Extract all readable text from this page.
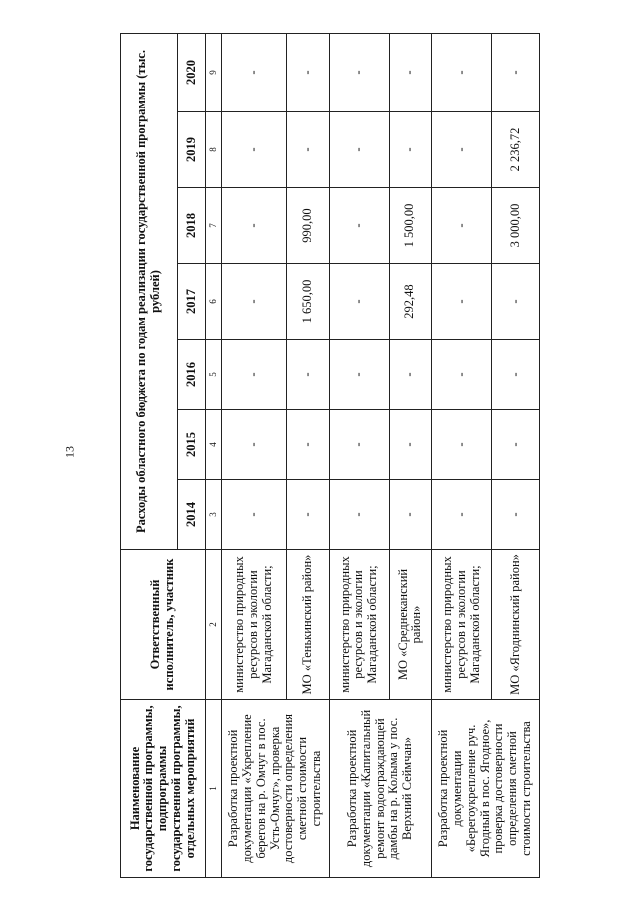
13
Наименование государственной программы, подпрограммы государственной программы, отдельных мероприятий	Ответственный исполнитель, участник	Расходы областного бюджета по годам реализации государственной программы (тыс. рублей)						
		2014	2015	2016	2017	2018	2019	2020
1	2	3	4	5	6	7	8	9
Разработка проектной документации «Укрепление берегов на р. Омчуг в пос. Усть-Омчуг», проверка достоверности определения сметной стоимости строительства	министерство природных ресурсов и экологии Магаданской области;	-	-	-	-	-	-	-
	МО «Тенькинский район»	-	-	-	1 650,00	990,00	-	-
Разработка проектной документации «Капитальный ремонт водоограждающей дамбы на р. Колыма у пос. Верхний Сеймчан»	министерство природных ресурсов и экологии Магаданской области;	-	-	-	-	-	-	-
	МО «Среднеканский район»	-	-	-	292,48	1 500,00	-	-
Разработка проектной документации «Берегоукрепление руч. Ягодный в пос. Ягодное», проверка достоверности определения сметной стоимости строительства	министерство природных ресурсов и экологии Магаданской области;	-	-	-	-	-	-	-
	МО «Ягоднинский район»	-	-	-	-	3 000,00	2 236,72	-
